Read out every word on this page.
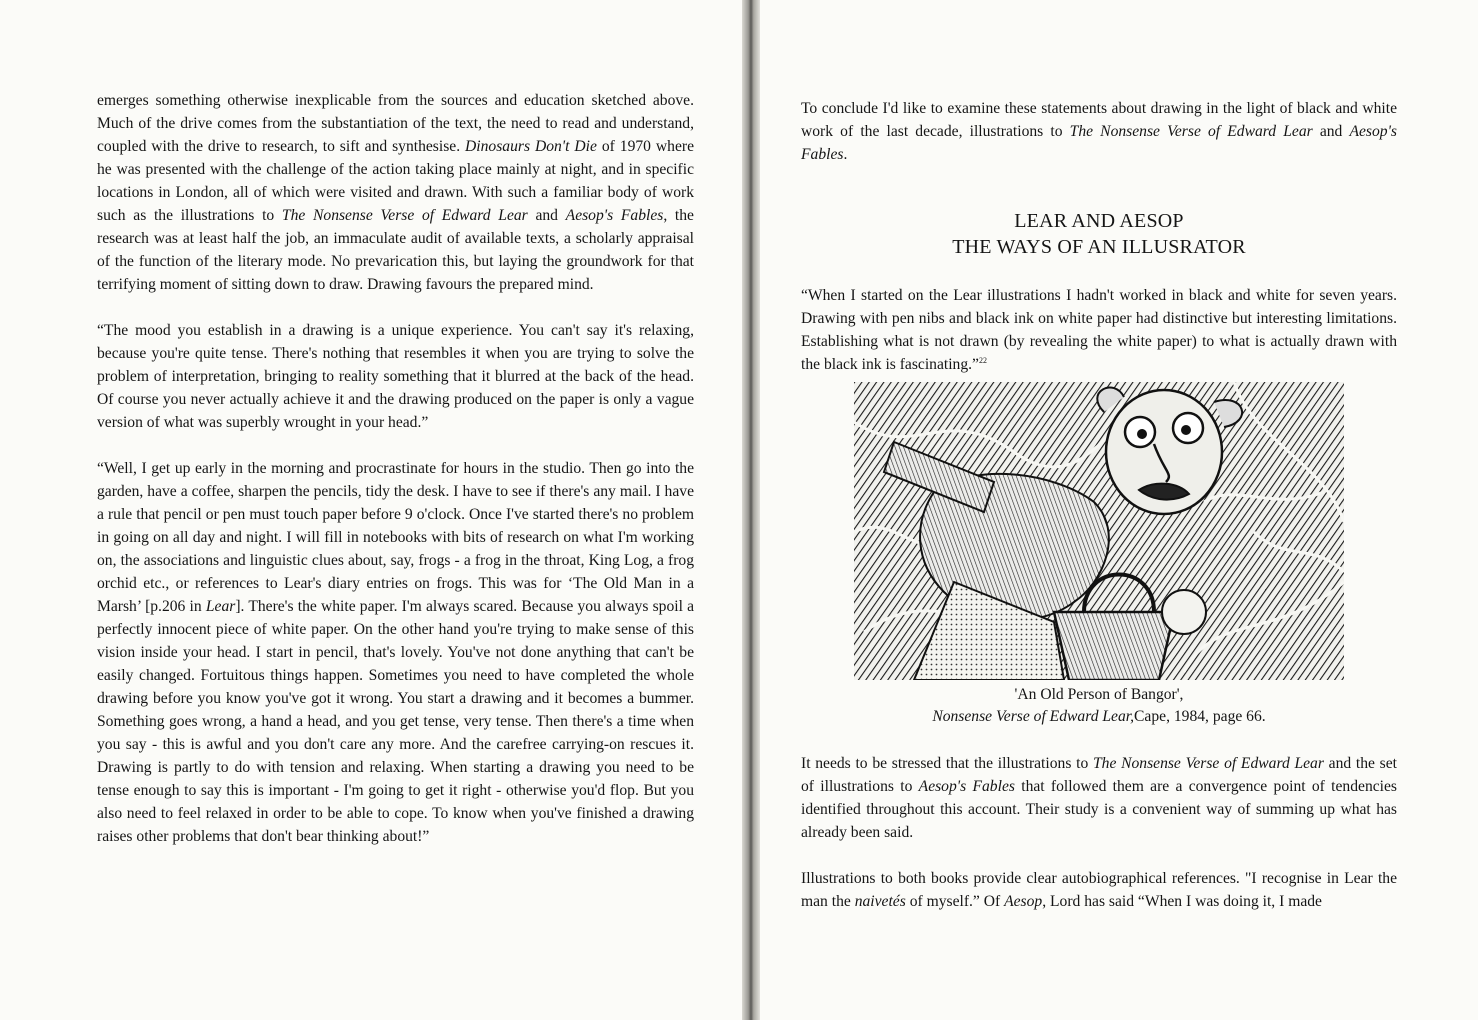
emerges something otherwise inexplicable from the sources and education sketched above. Much of the drive comes from the substantiation of the text, the need to read and understand, coupled with the drive to research, to sift and synthesise. Dinosaurs Don't Die of 1970 where he was presented with the challenge of the action taking place mainly at night, and in specific locations in London, all of which were visited and drawn. With such a familiar body of work such as the illustrations to The Nonsense Verse of Edward Lear and Aesop's Fables, the research was at least half the job, an immaculate audit of available texts, a scholarly appraisal of the function of the literary mode. No prevarication this, but laying the groundwork for that terrifying moment of sitting down to draw. Drawing favours the prepared mind.

“The mood you establish in a drawing is a unique experience. You can't say it's relaxing, because you're quite tense. There's nothing that resembles it when you are trying to solve the problem of interpretation, bringing to reality something that it blurred at the back of the head. Of course you never actually achieve it and the drawing produced on the paper is only a vague version of what was superbly wrought in your head.”

“Well, I get up early in the morning and procrastinate for hours in the studio. Then go into the garden, have a coffee, sharpen the pencils, tidy the desk. I have to see if there's any mail. I have a rule that pencil or pen must touch paper before 9 o'clock. Once I've started there's no problem in going on all day and night. I will fill in notebooks with bits of research on what I'm working on, the associations and linguistic clues about, say, frogs - a frog in the throat, King Log, a frog orchid etc., or references to Lear's diary entries on frogs. This was for ‘The Old Man in a Marsh’ [p.206 in Lear]. There's the white paper. I'm always scared. Because you always spoil a perfectly innocent piece of white paper. On the other hand you're trying to make sense of this vision inside your head. I start in pencil, that's lovely. You've not done anything that can't be easily changed. Fortuitous things happen. Sometimes you need to have completed the whole drawing before you know you've got it wrong. You start a drawing and it becomes a bummer. Something goes wrong, a hand a head, and you get tense, very tense. Then there's a time when you say - this is awful and you don't care any more. And the carefree carrying-on rescues it. Drawing is partly to do with tension and relaxing. When starting a drawing you need to be tense enough to say this is important - I'm going to get it right - otherwise you'd flop. But you also need to feel relaxed in order to be able to cope. To know when you've finished a drawing raises other problems that don't bear thinking about!”

To conclude I'd like to examine these statements about drawing in the light of black and white work of the last decade, illustrations to The Nonsense Verse of Edward Lear and Aesop's Fables.

LEAR AND AESOP
THE WAYS OF AN ILLUSRATOR

“When I started on the Lear illustrations I hadn't worked in black and white for seven years. Drawing with pen nibs and black ink on white paper had distinctive but interesting limitations. Establishing what is not drawn (by revealing the white paper) to what is actually drawn with the black ink is fascinating.”$^{22}$

'An Old Person of Bangor',
Nonsense Verse of Edward Lear,Cape, 1984, page 66.

It needs to be stressed that the illustrations to The Nonsense Verse of Edward Lear and the set of illustrations to Aesop's Fables that followed them are a convergence point of tendencies identified throughout this account. Their study is a convenient way of summing up what has already been said.

Illustrations to both books provide clear autobiographical references. "I recognise in Lear the man the naivetés of myself.” Of Aesop, Lord has said “When I was doing it, I made
